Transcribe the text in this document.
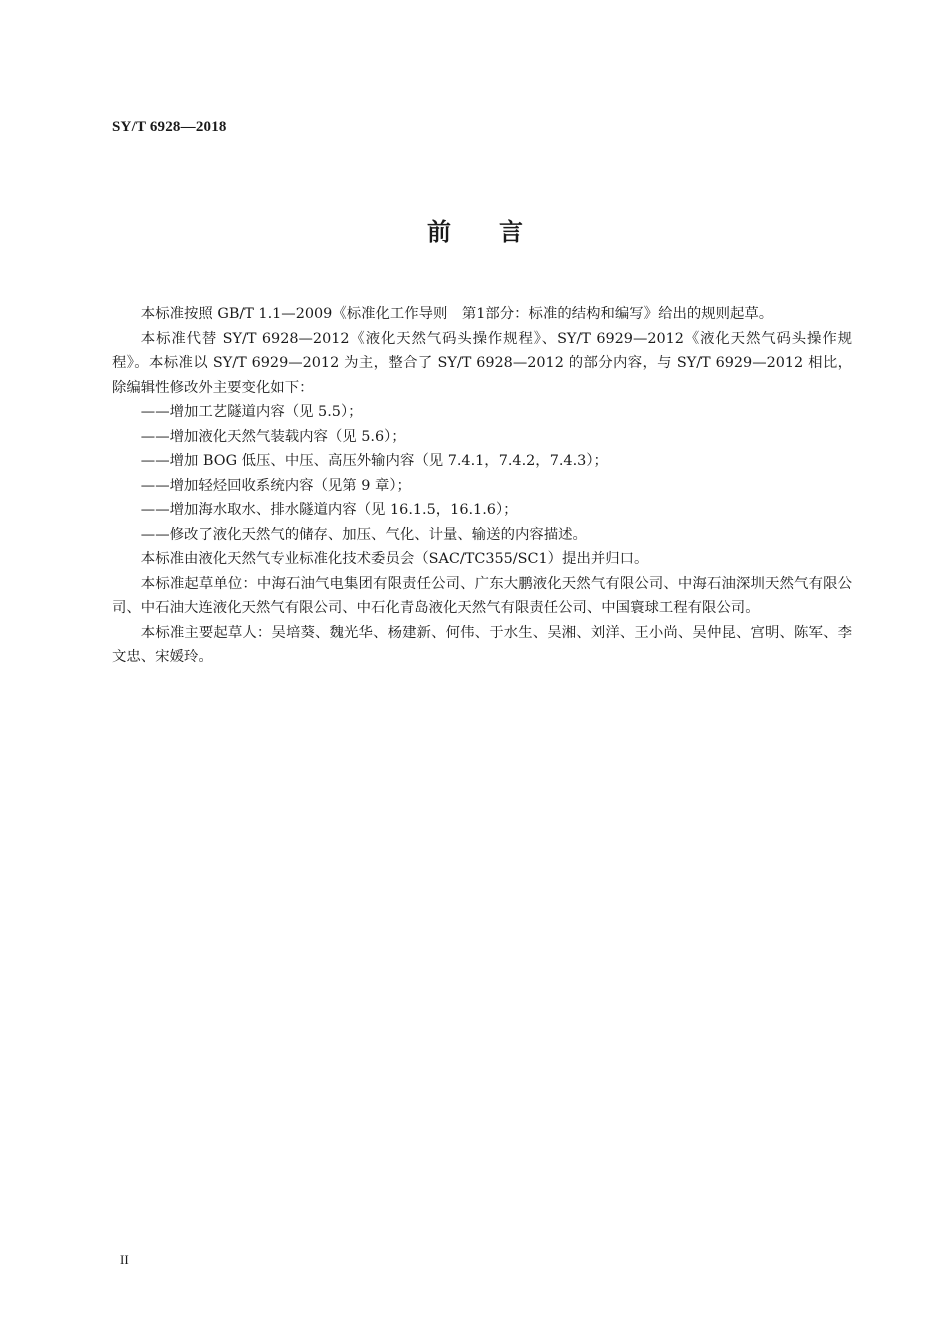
SY/T 6928—2018
前言

本标准按照 GB/T 1.1—2009《标准化工作导则　第1部分：标准的结构和编写》给出的规则起草。

本标准代替 SY/T 6928—2012《液化天然气码头操作规程》、SY/T 6929—2012《液化天然气码头操作规程》。本标准以 SY/T 6929—2012 为主，整合了 SY/T 6928—2012 的部分内容，与 SY/T 6929—2012 相比，除编辑性修改外主要变化如下：

——增加工艺隧道内容（见 5.5）；

——增加液化天然气装载内容（见 5.6）；

——增加 BOG 低压、中压、高压外输内容（见 7.4.1，7.4.2，7.4.3）；

——增加轻烃回收系统内容（见第 9 章）；

——增加海水取水、排水隧道内容（见 16.1.5，16.1.6）；

——修改了液化天然气的储存、加压、气化、计量、输送的内容描述。

本标准由液化天然气专业标准化技术委员会（SAC/TC355/SC1）提出并归口。

本标准起草单位：中海石油气电集团有限责任公司、广东大鹏液化天然气有限公司、中海石油深圳天然气有限公司、中石油大连液化天然气有限公司、中石化青岛液化天然气有限责任公司、中国寰球工程有限公司。

本标准主要起草人：吴培葵、魏光华、杨建新、何伟、于水生、吴湘、刘洋、王小尚、吴仲昆、宫明、陈军、李文忠、宋媛玲。

II
